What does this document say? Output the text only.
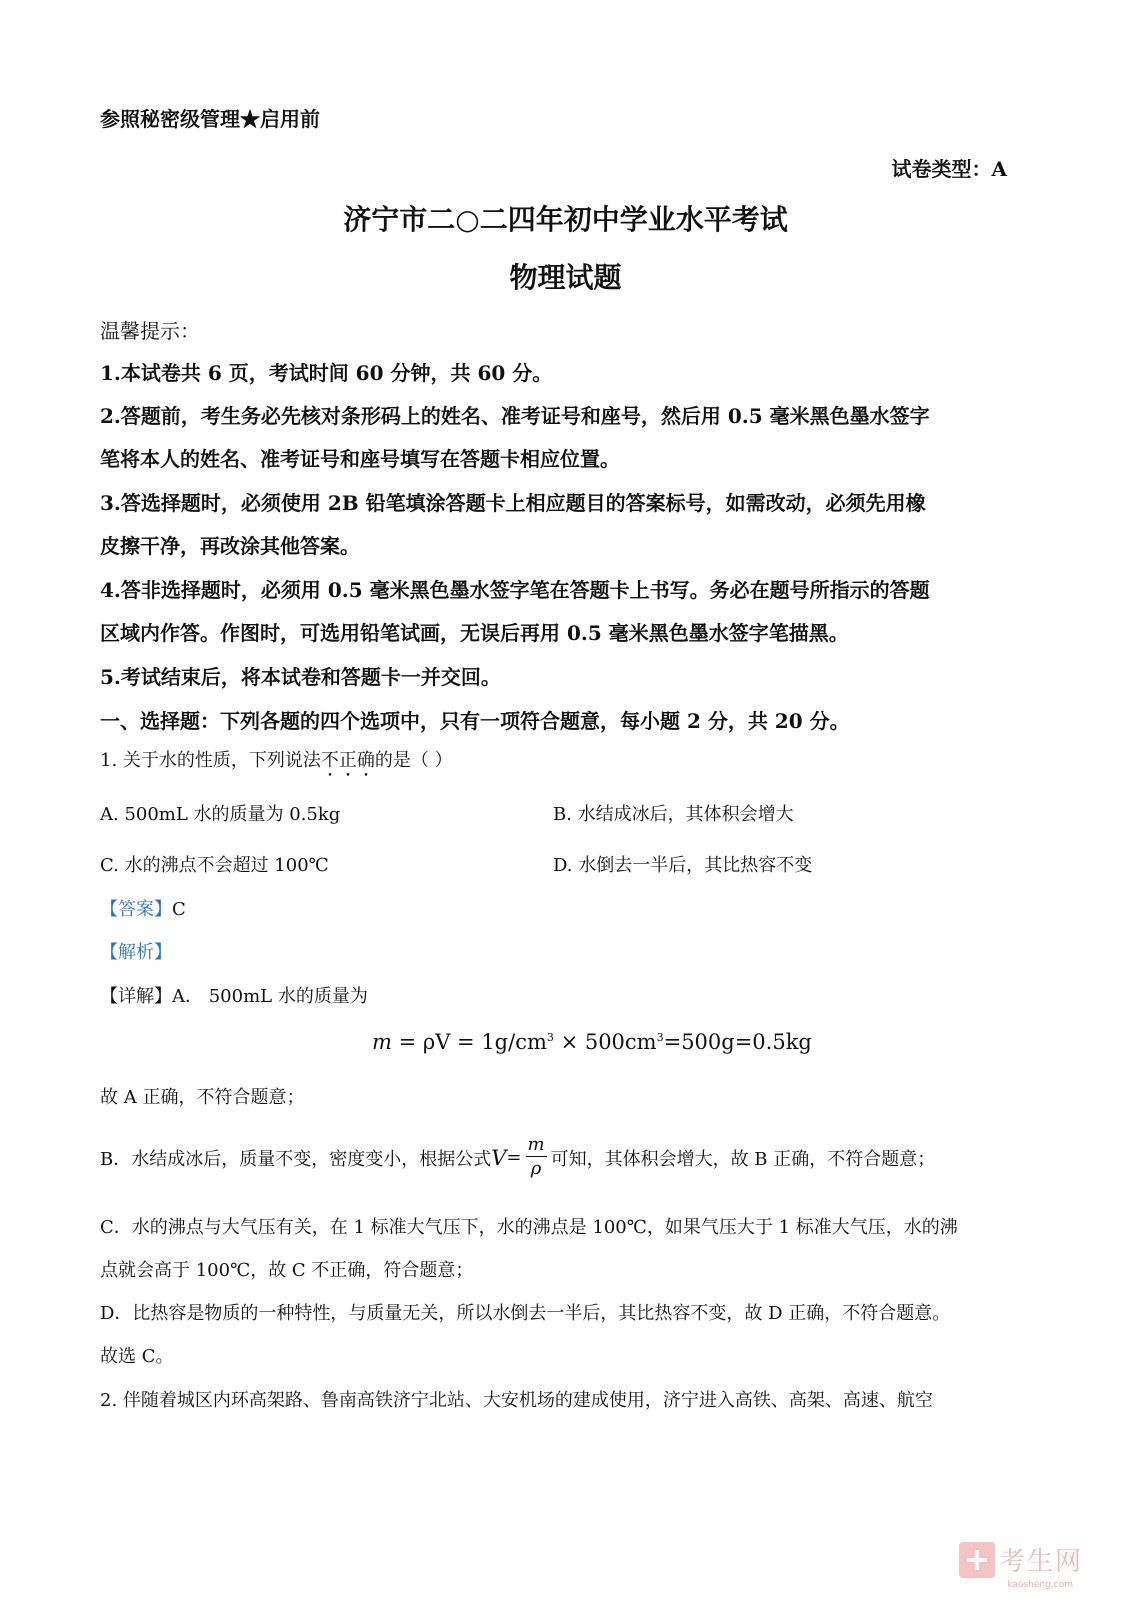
参照秘密级管理★启用前
试卷类型：A
济宁市二○二四年初中学业水平考试
物理试题
温馨提示：
1.本试卷共 6 页，考试时间 60 分钟，共 60 分。
2.答题前，考生务必先核对条形码上的姓名、准考证号和座号，然后用 0.5 毫米黑色墨水签字
笔将本人的姓名、准考证号和座号填写在答题卡相应位置。
3.答选择题时，必须使用 2B 铅笔填涂答题卡上相应题目的答案标号，如需改动，必须先用橡
皮擦干净，再改涂其他答案。
4.答非选择题时，必须用 0.5 毫米黑色墨水签字笔在答题卡上书写。务必在题号所指示的答题
区域内作答。作图时，可选用铅笔试画，无误后再用 0.5 毫米黑色墨水签字笔描黑。
5.考试结束后，将本试卷和答题卡一并交回。
一、选择题：下列各题的四个选项中，只有一项符合题意，每小题 2 分，共 20 分。
1. 关于水的性质，下列说法不正确的是（ ）
A. 500mL 水的质量为 0.5kg	B. 水结成冰后，其体积会增大
C. 水的沸点不会超过 100℃	D. 水倒去一半后，其比热容不变
【答案】C
【解析】
【详解】A． 500mL 水的质量为
$m = \rho V = 1g/cm^3 \times 500cm^3=500g=0.5kg$
故 A 正确，不符合题意；
B．水结成冰后，质量不变，密度变小，根据公式 $V = \frac{m}{\rho}$ 可知，其体积会增大，故 B 正确，不符合题意；
C．水的沸点与大气压有关，在 1 标准大气压下，水的沸点是 100℃，如果气压大于 1 标准大气压，水的沸
点就会高于 100℃，故 C 不正确，符合题意；
D．比热容是物质的一种特性，与质量无关，所以水倒去一半后，其比热容不变，故 D 正确，不符合题意。
故选 C。
2. 伴随着城区内环高架路、鲁南高铁济宁北站、大安机场的建成使用，济宁进入高铁、高架、高速、航空
考生网
kaosheng.com
